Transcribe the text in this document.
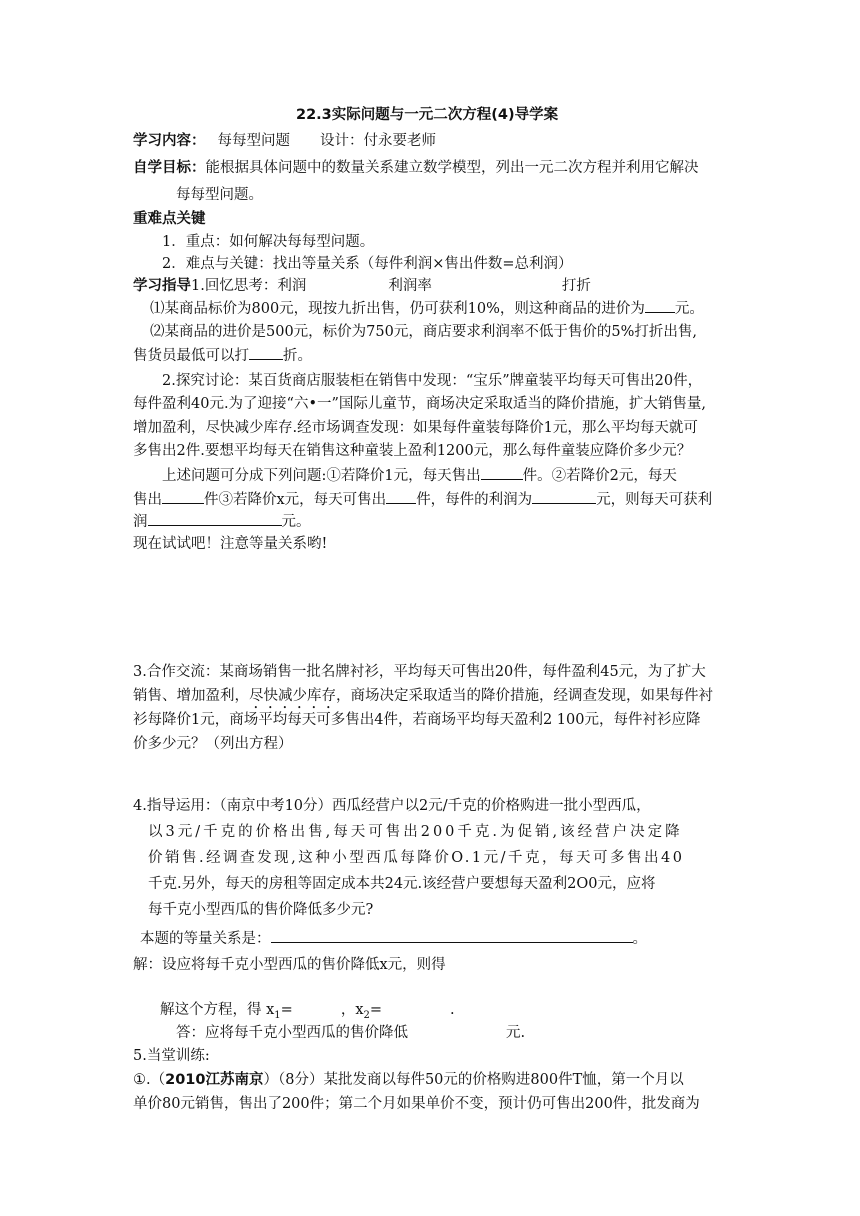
22.3实际问题与一元二次方程(4)导学案
学习内容： 每每型问题 设计：付永要老师
自学目标：能根据具体问题中的数量关系建立数学模型，列出一元二次方程并利用它解决
每每型问题。
重难点关键
1．重点：如何解决每每型问题。
2．难点与关键：找出等量关系（每件利润×售出件数=总利润）
学习指导1.回忆思考：利润	利润率	打折
⑴某商品标价为800元，现按九折出售，仍可获利10%，则这种商品的进价为 元。
⑵某商品的进价是500元，标价为750元，商店要求利润率不低于售价的5%打折出售,
售货员最低可以打 折。
2.探究讨论：某百货商店服装柜在销售中发现：“宝乐”牌童装平均每天可售出20件，
每件盈利40元.为了迎接“六•一”国际儿童节，商场决定采取适当的降价措施，扩大销售量,
增加盈利，尽快减少库存.经市场调查发现：如果每件童装每降价1元，那么平均每天就可
多售出2件.要想平均每天在销售这种童装上盈利1200元，那么每件童装应降价多少元？
上述问题可分成下列问题:①若降价1元，每天售出	件。②若降价2元，每天
售出	件③若降价x元，每天可售出 件，每件的利润为	元，则每天可获利
润	元。
现在试试吧！注意等量关系哟!
3.合作交流：某商场销售一批名牌衬衫，平均每天可售出20件，每件盈利45元，为了扩大
销售、增加盈利，尽快减少库存，商场决定采取适当的降价措施，经调查发现，如果每件衬
衫每降价1元，商场平均每天可多售出4件，若商场平均每天盈利2 100元，每件衬衫应降
价多少元？（列出方程）
4.指导运用：（南京中考10分）西瓜经营户以2元/千克的价格购进一批小型西瓜，
以3元/千克的价格出售,每天可售出200千克.为促销,该经营户决定降
价销售.经调查发现,这种小型西瓜每降价O.1元/千克，每天可多售出40
千克.另外，每天的房租等固定成本共24元.该经营户要想每天盈利2O0元，应将
每千克小型西瓜的售价降低多少元?
本题的等量关系是：	。
解：设应将每千克小型西瓜的售价降低x元，则得
解这个方程，得 $x_1=$	，$x_2=$	.
答：应将每千克小型西瓜的售价降低	元.
5.当堂训练:
①.（2010江苏南京）（8分）某批发商以每件50元的价格购进800件T恤，第一个月以
单价80元销售，售出了200件；第二个月如果单价不变，预计仍可售出200件，批发商为
